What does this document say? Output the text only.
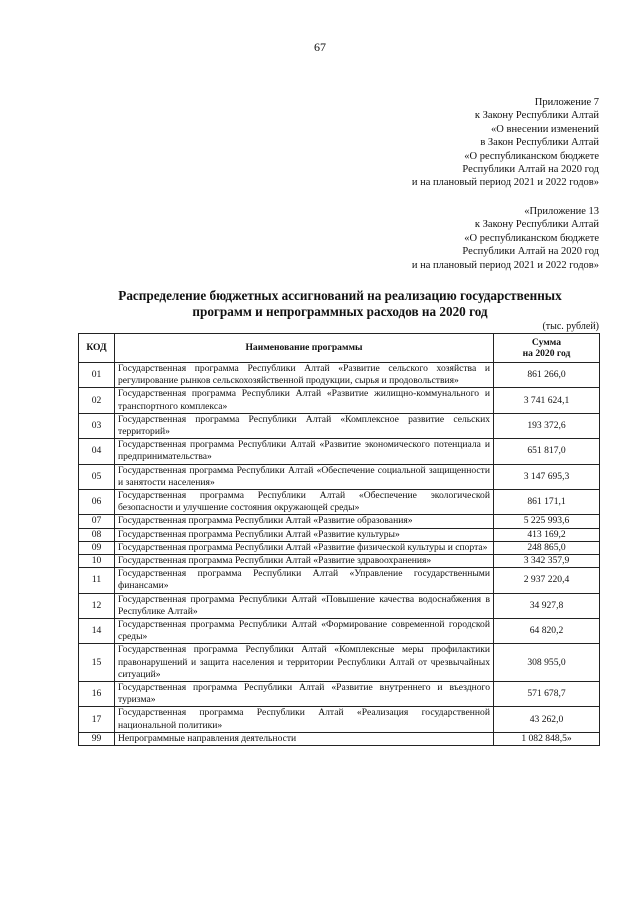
67
Приложение 7
к Закону Республики Алтай
«О внесении изменений
в Закон Республики Алтай
«О республиканском бюджете
Республики Алтай на 2020 год
и на плановый период 2021 и 2022 годов»
«Приложение 13
к Закону Республики Алтай
«О республиканском бюджете
Республики Алтай на 2020 год
и на плановый период 2021 и 2022 годов»
Распределение бюджетных ассигнований на реализацию государственных
программ и непрограммных расходов на 2020 год
(тыс. рублей)
КОД	Наименование программы	Сумма
на 2020 год

01	Государственная программа Республики Алтай «Развитие сельского хозяйства и регулирование рынков сельскохозяйственной продукции, сырья и продовольствия»	861 266,0
02	Государственная программа Республики Алтай «Развитие жилищно-коммунального и транспортного комплекса»	3 741 624,1
03	Государственная программа Республики Алтай «Комплексное развитие сельских территорий»	193 372,6
04	Государственная программа Республики Алтай «Развитие экономического потенциала и предпринимательства»	651 817,0
05	Государственная программа Республики Алтай «Обеспечение социальной защищенности и занятости населения»	3 147 695,3
06	Государственная программа Республики Алтай «Обеспечение экологической безопасности и улучшение состояния окружающей среды»	861 171,1
07	Государственная программа Республики Алтай «Развитие образования»	5 225 993,6
08	Государственная программа Республики Алтай «Развитие культуры»	413 169,2
09	Государственная программа Республики Алтай «Развитие физической культуры и спорта»	248 865,0
10	Государственная программа Республики Алтай «Развитие здравоохранения»	3 342 357,9
11	Государственная программа Республики Алтай «Управление государственными финансами»	2 937 220,4
12	Государственная программа Республики Алтай «Повышение качества водоснабжения в Республике Алтай»	34 927,8
14	Государственная программа Республики Алтай «Формирование современной городской среды»	64 820,2
15	Государственная программа Республики Алтай «Комплексные меры профилактики правонарушений и защита населения и территории Республики Алтай от чрезвычайных ситуаций»	308 955,0
16	Государственная программа Республики Алтай «Развитие внутреннего и въездного туризма»	571 678,7
17	Государственная программа Республики Алтай «Реализация государственной национальной политики»	43 262,0
99	Непрограммные направления деятельности	1 082 848,5»
